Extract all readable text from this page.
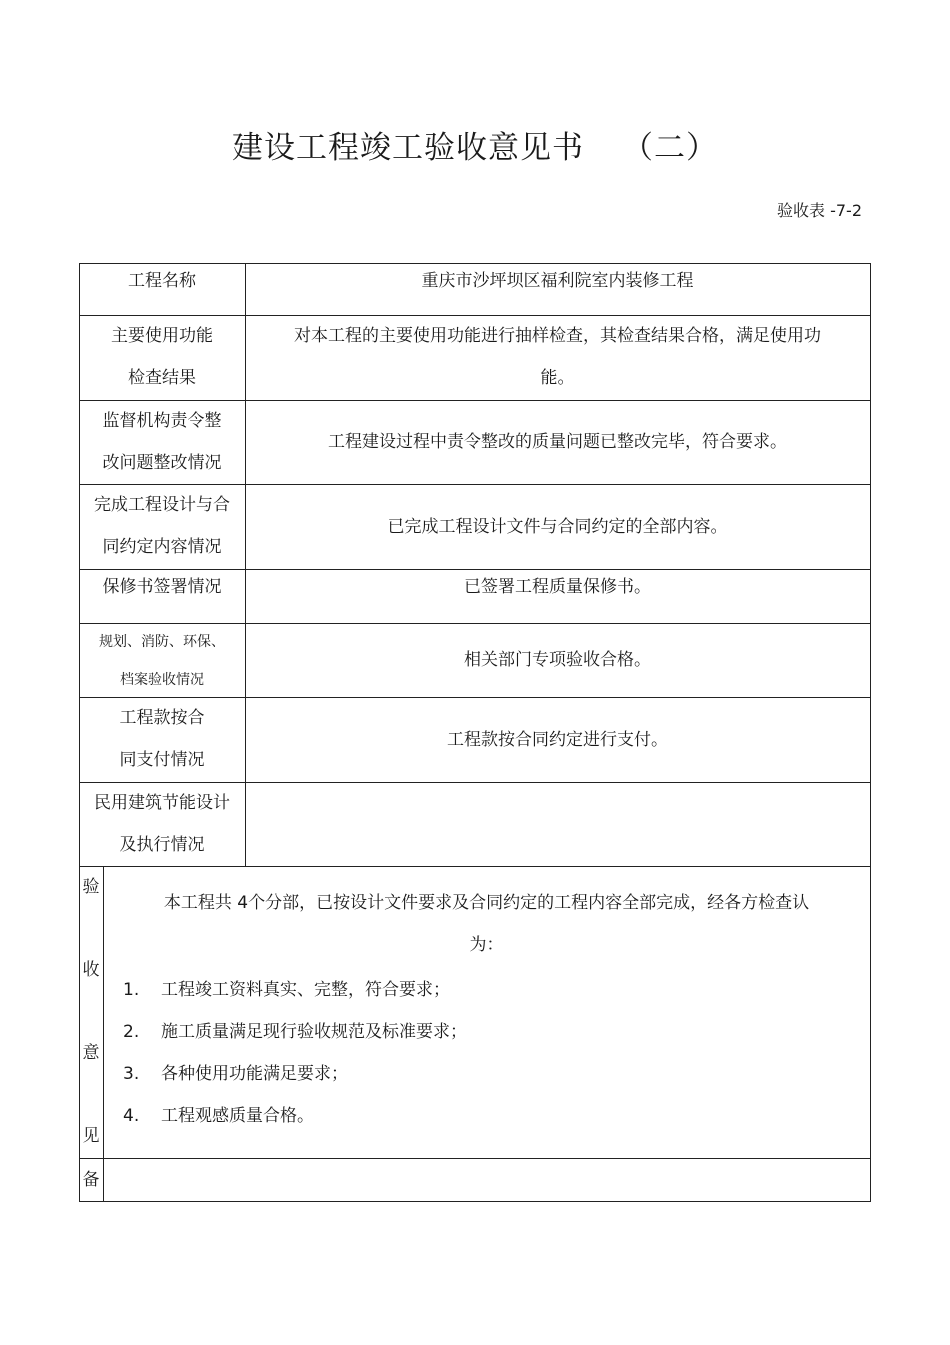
建设工程竣工验收意见书 （二）
验收表 -7-2
工程名称	重庆市沙坪坝区福利院室内装修工程
主要使用功能
检查结果
对本工程的主要使用功能进行抽样检查，其检查结果合格，满足使用功
能。
监督机构责令整
改问题整改情况
工程建设过程中责令整改的质量问题已整改完毕，符合要求。
完成工程设计与合
同约定内容情况
已完成工程设计文件与合同约定的全部内容。
保修书签署情况	已签署工程质量保修书。
规划、消防、环保、
档案验收情况
相关部门专项验收合格。
工程款按合
同支付情况
工程款按合同约定进行支付。
民用建筑节能设计
及执行情况
验
收
意
见
本工程共 4个分部，已按设计文件要求及合同约定的工程内容全部完成，经各方检查认
为：
1. 工程竣工资料真实、完整，符合要求；
2. 施工质量满足现行验收规范及标准要求；
3. 各种使用功能满足要求；
4. 工程观感质量合格。
备
